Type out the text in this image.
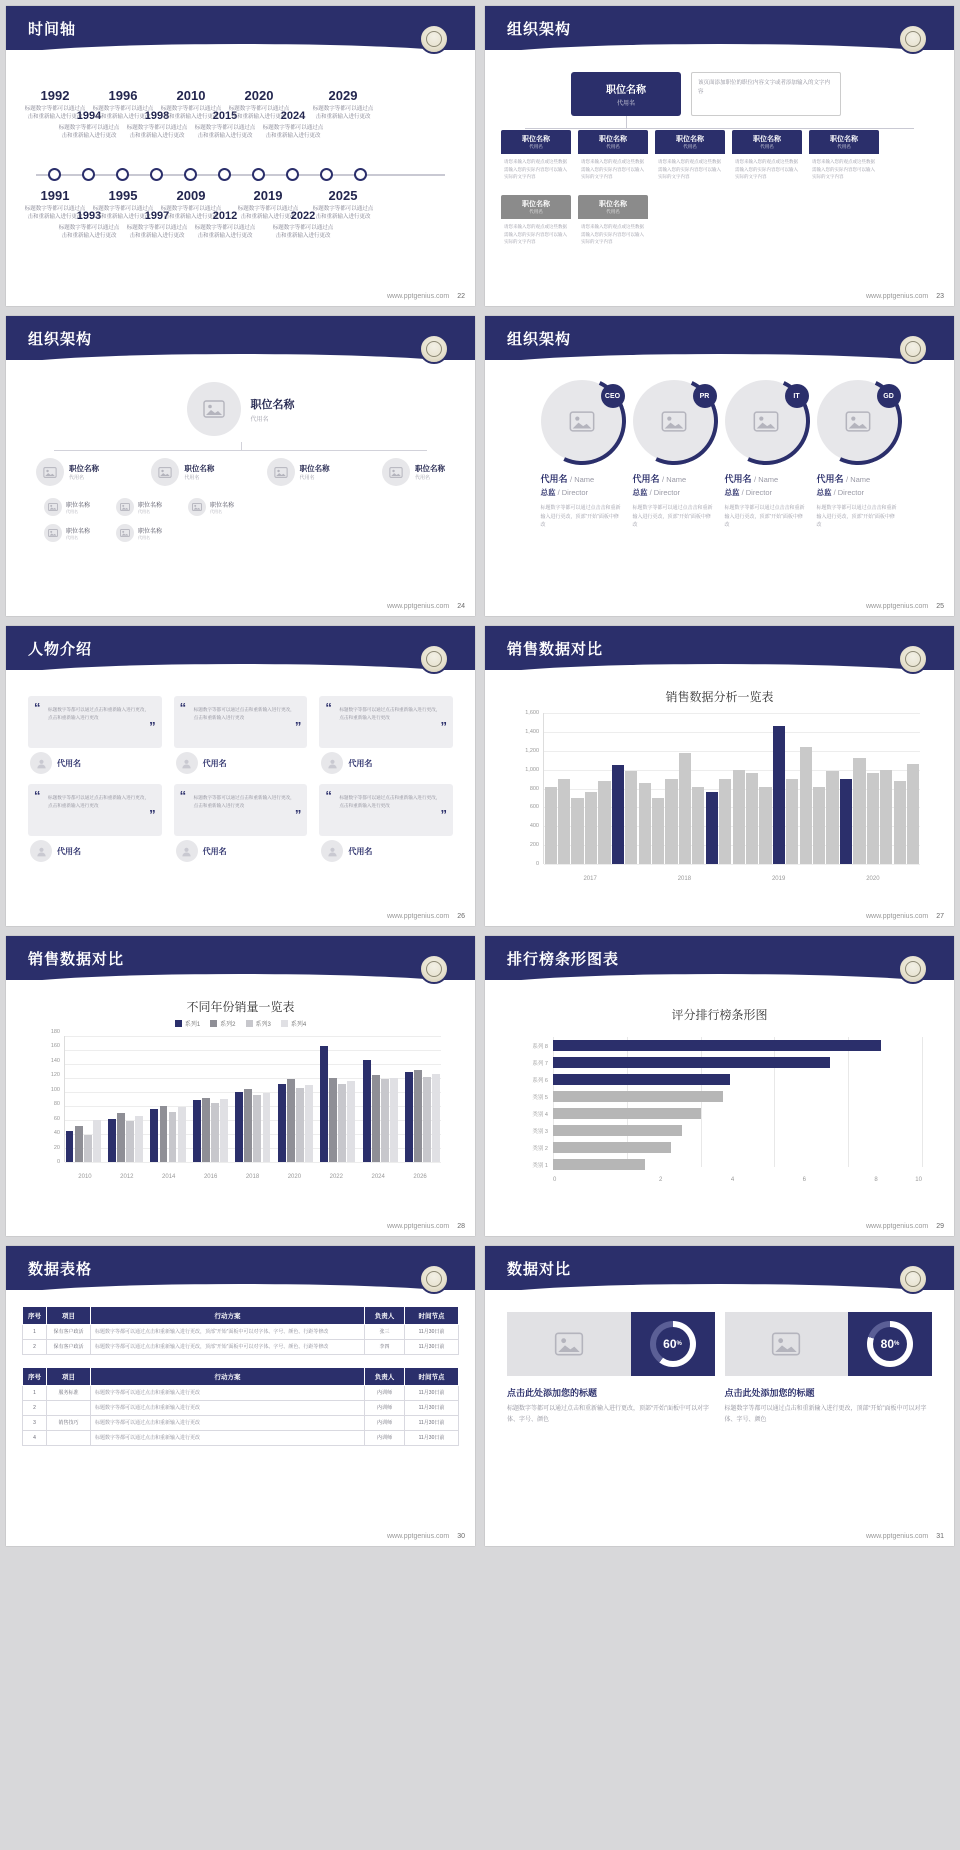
时间轴
1992
标题数字等都可以通过点击和重新输入进行更改
1994
标题数字等都可以通过点击和重新输入进行更改
1996
标题数字等都可以通过点击和重新输入进行更改
1998
标题数字等都可以通过点击和重新输入进行更改
2010
标题数字等都可以通过点击和重新输入进行更改
2015
标题数字等都可以通过点击和重新输入进行更改
2020
标题数字等都可以通过点击和重新输入进行更改
2024
标题数字等都可以通过点击和重新输入进行更改
2029
标题数字等都可以通过点击和重新输入进行更改
1991
标题数字等都可以通过点击和重新输入进行更改
1993
标题数字等都可以通过点击和重新输入进行更改
1995
标题数字等都可以通过点击和重新输入进行更改
1997
标题数字等都可以通过点击和重新输入进行更改
2009
标题数字等都可以通过点击和重新输入进行更改
2012
标题数字等都可以通过点击和重新输入进行更改
2019
标题数字等都可以通过点击和重新输入进行更改
2022
标题数字等都可以通过点击和重新输入进行更改
2025
标题数字等都可以通过点击和重新输入进行更改
www.pptgenius.com 22
组织架构
职位名称
代用名
该页面添加职位的职位内容文字或者添加输入的文字内容
职位名称
代用名
请您来输入您的观点或这些数据需输入您的实际内容您可以输入实际的文字内容
职位名称
代用名
请您来输入您的观点或这些数据需输入您的实际内容您可以输入实际的文字内容
职位名称
代用名
请您来输入您的观点或这些数据需输入您的实际内容您可以输入实际的文字内容
职位名称
代用名
请您来输入您的观点或这些数据需输入您的实际内容您可以输入实际的文字内容
职位名称
代用名
请您来输入您的观点或这些数据需输入您的实际内容您可以输入实际的文字内容
职位名称
代用名
请您来输入您的观点或这些数据需输入您的实际内容您可以输入实际的文字内容
职位名称
代用名
请您来输入您的观点或这些数据需输入您的实际内容您可以输入实际的文字内容
www.pptgenius.com 23
组织架构
职位名称
代用名
职位名称
代用名
职位名称
代用名
职位名称
代用名
职位名称
代用名
职位名称
代用名
职位名称
代用名
职位名称
代用名
职位名称
代用名
职位名称
代用名
www.pptgenius.com 24
组织架构
CEO
代用名 / Name
总监 / Director
标题数字等都可以通过点击击和重新输入进行更改，顶部“开始”面板中修改
PR
代用名 / Name
总监 / Director
标题数字等都可以通过点击击和重新输入进行更改，顶部“开始”面板中修改
IT
代用名 / Name
总监 / Director
标题数字等都可以通过点击击和重新输入进行更改，顶部“开始”面板中修改
GD
代用名 / Name
总监 / Director
标题数字等都可以通过点击击和重新输入进行更改，顶部“开始”面板中修改
www.pptgenius.com 25
人物介绍
“	标题数字等都可以通过点击和重新输入进行更改，点击和重新输入进行更改
”
代用名
“	标题数字等都可以通过点击和重新输入进行更改，点击和重新输入进行更改
”
代用名
“	标题数字等都可以通过点击和重新输入进行更改，点击和重新输入进行更改
”
代用名
“	标题数字等都可以通过点击和重新输入进行更改，点击和重新输入进行更改
”
代用名
“	标题数字等都可以通过点击和重新输入进行更改，点击和重新输入进行更改
”
代用名
“	标题数字等都可以通过点击和重新输入进行更改，点击和重新输入进行更改
”
代用名
www.pptgenius.com 26
销售数据对比
销售数据分析一览表
0
200
400
600
800
1,000
1,200
1,400
1,600
2017	2018	2019	2020
www.pptgenius.com 27
销售数据对比
不同年份销量一览表
系列1	系列2	系列3	系列4
0
20
40
60
80
100
120
140
160
180
2010	2012	2014	2016	2018	2020	2022	2024	2026
www.pptgenius.com 28
排行榜条形图表
评分排行榜条形图
系列 8	8.9
系列 7	7.5
系列 6	4.8
类别 5	4.6
类别 4	4
类别 3	3.5
类别 2	3.2
类别 1	2.5
0	2	4	6	8	10
www.pptgenius.com 29
数据表格
序号	项目	行动方案	负责人	时间节点
1	保有客户政活	标题数字等都可以通过点击和重新输入进行更改，顶部“开始”面板中可以对字体、字号、颜色、行距等修改	张三	11月30日前
2	保有客户政活	标题数字等都可以通过点击和重新输入进行更改，顶部“开始”面板中可以对字体、字号、颜色、行距等修改	李四	11月30日前
序号	项目	行动方案	负责人	时间节点
1	服务标准	标题数字等都可以通过点击和重新输入进行更改	内训师	11月30日前
2		标题数字等都可以通过点击和重新输入进行更改	内训师	11月30日前
3	销售技巧	标题数字等都可以通过点击和重新输入进行更改	内训师	11月30日前
4		标题数字等都可以通过点击和重新输入进行更改	内训师	11月30日前
www.pptgenius.com 30
数据对比
60 %
点击此处添加您的标题
标题数字等都可以通过点击和重新输入进行更改，顶部“开始”面板中可以对字体、字号、颜色
80 %
点击此处添加您的标题
标题数字等都可以通过点击和重新输入进行更改，顶部“开始”面板中可以对字体、字号、颜色
www.pptgenius.com 31
